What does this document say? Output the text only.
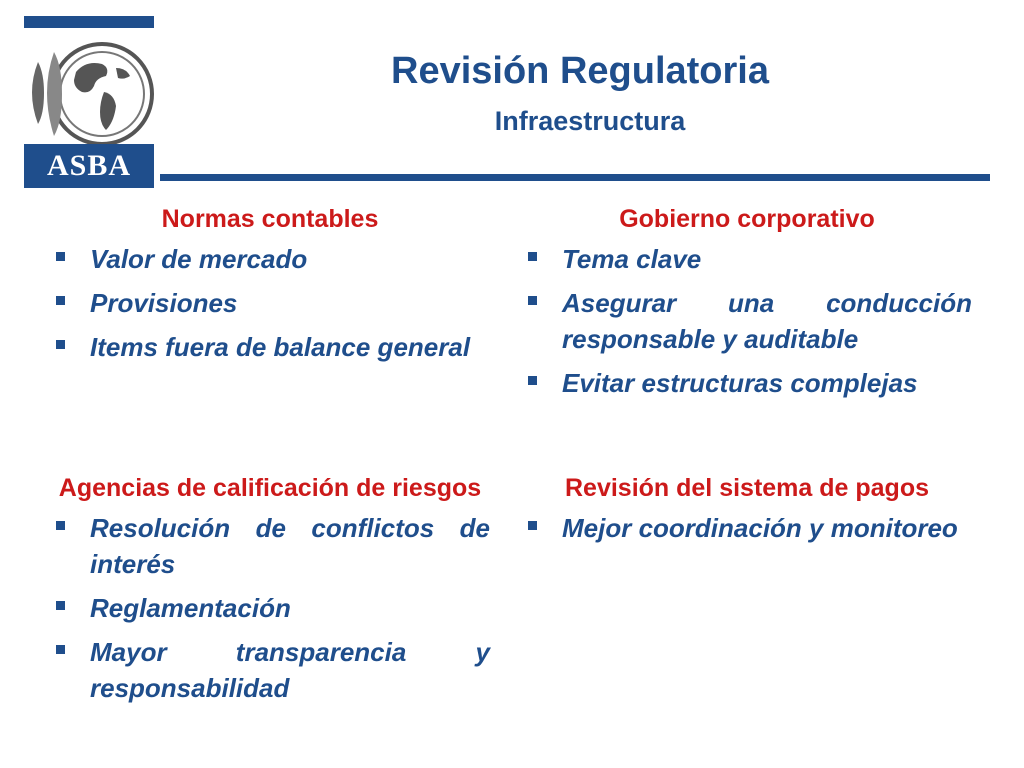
ASBA
Revisión Regulatoria
Infraestructura
Normas contables
Valor de mercado
Provisiones
Items fuera de balance general
Gobierno corporativo
Tema clave
Asegurar una conducción responsable y auditable
Evitar estructuras complejas
Agencias de calificación de riesgos
Resolución de conflictos de interés
Reglamentación
Mayor transparencia y responsabilidad
Revisión del sistema de pagos
Mejor coordinación y monitoreo
